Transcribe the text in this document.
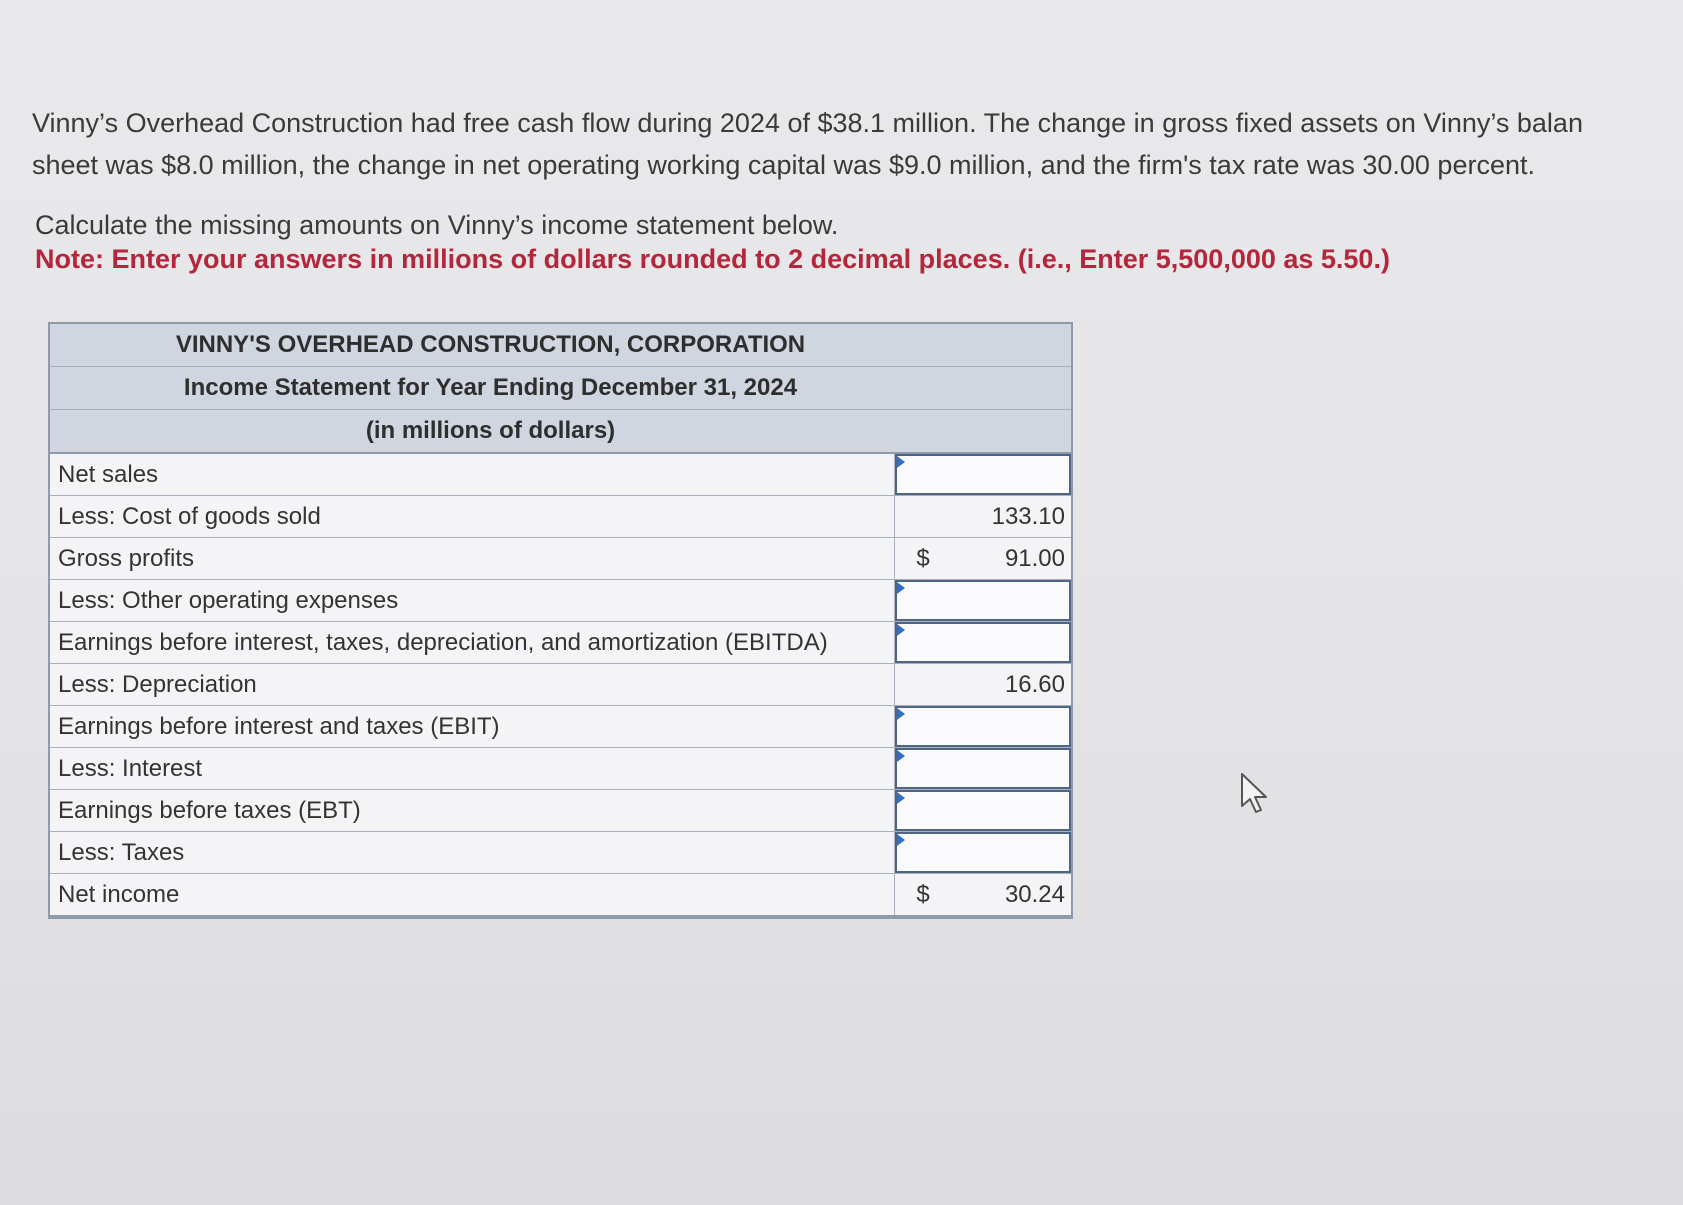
Vinny’s Overhead Construction had free cash flow during 2024 of $38.1 million. The change in gross fixed assets on Vinny’s balan

sheet was $8.0 million, the change in net operating working capital was $9.0 million, and the firm's tax rate was 30.00 percent.

Calculate the missing amounts on Vinny’s income statement below.

Note: Enter your answers in millions of dollars rounded to 2 decimal places. (i.e., Enter 5,500,000 as 5.50.)

VINNY'S OVERHEAD CONSTRUCTION, CORPORATION
Income Statement for Year Ending December 31, 2024
(in millions of dollars)
Net sales
Less: Cost of goods sold	133.10
Gross profits	$	91.00
Less: Other operating expenses
Earnings before interest, taxes, depreciation, and amortization (EBITDA)
Less: Depreciation	16.60
Earnings before interest and taxes (EBIT)
Less: Interest
Earnings before taxes (EBT)
Less: Taxes
Net income	$	30.24
